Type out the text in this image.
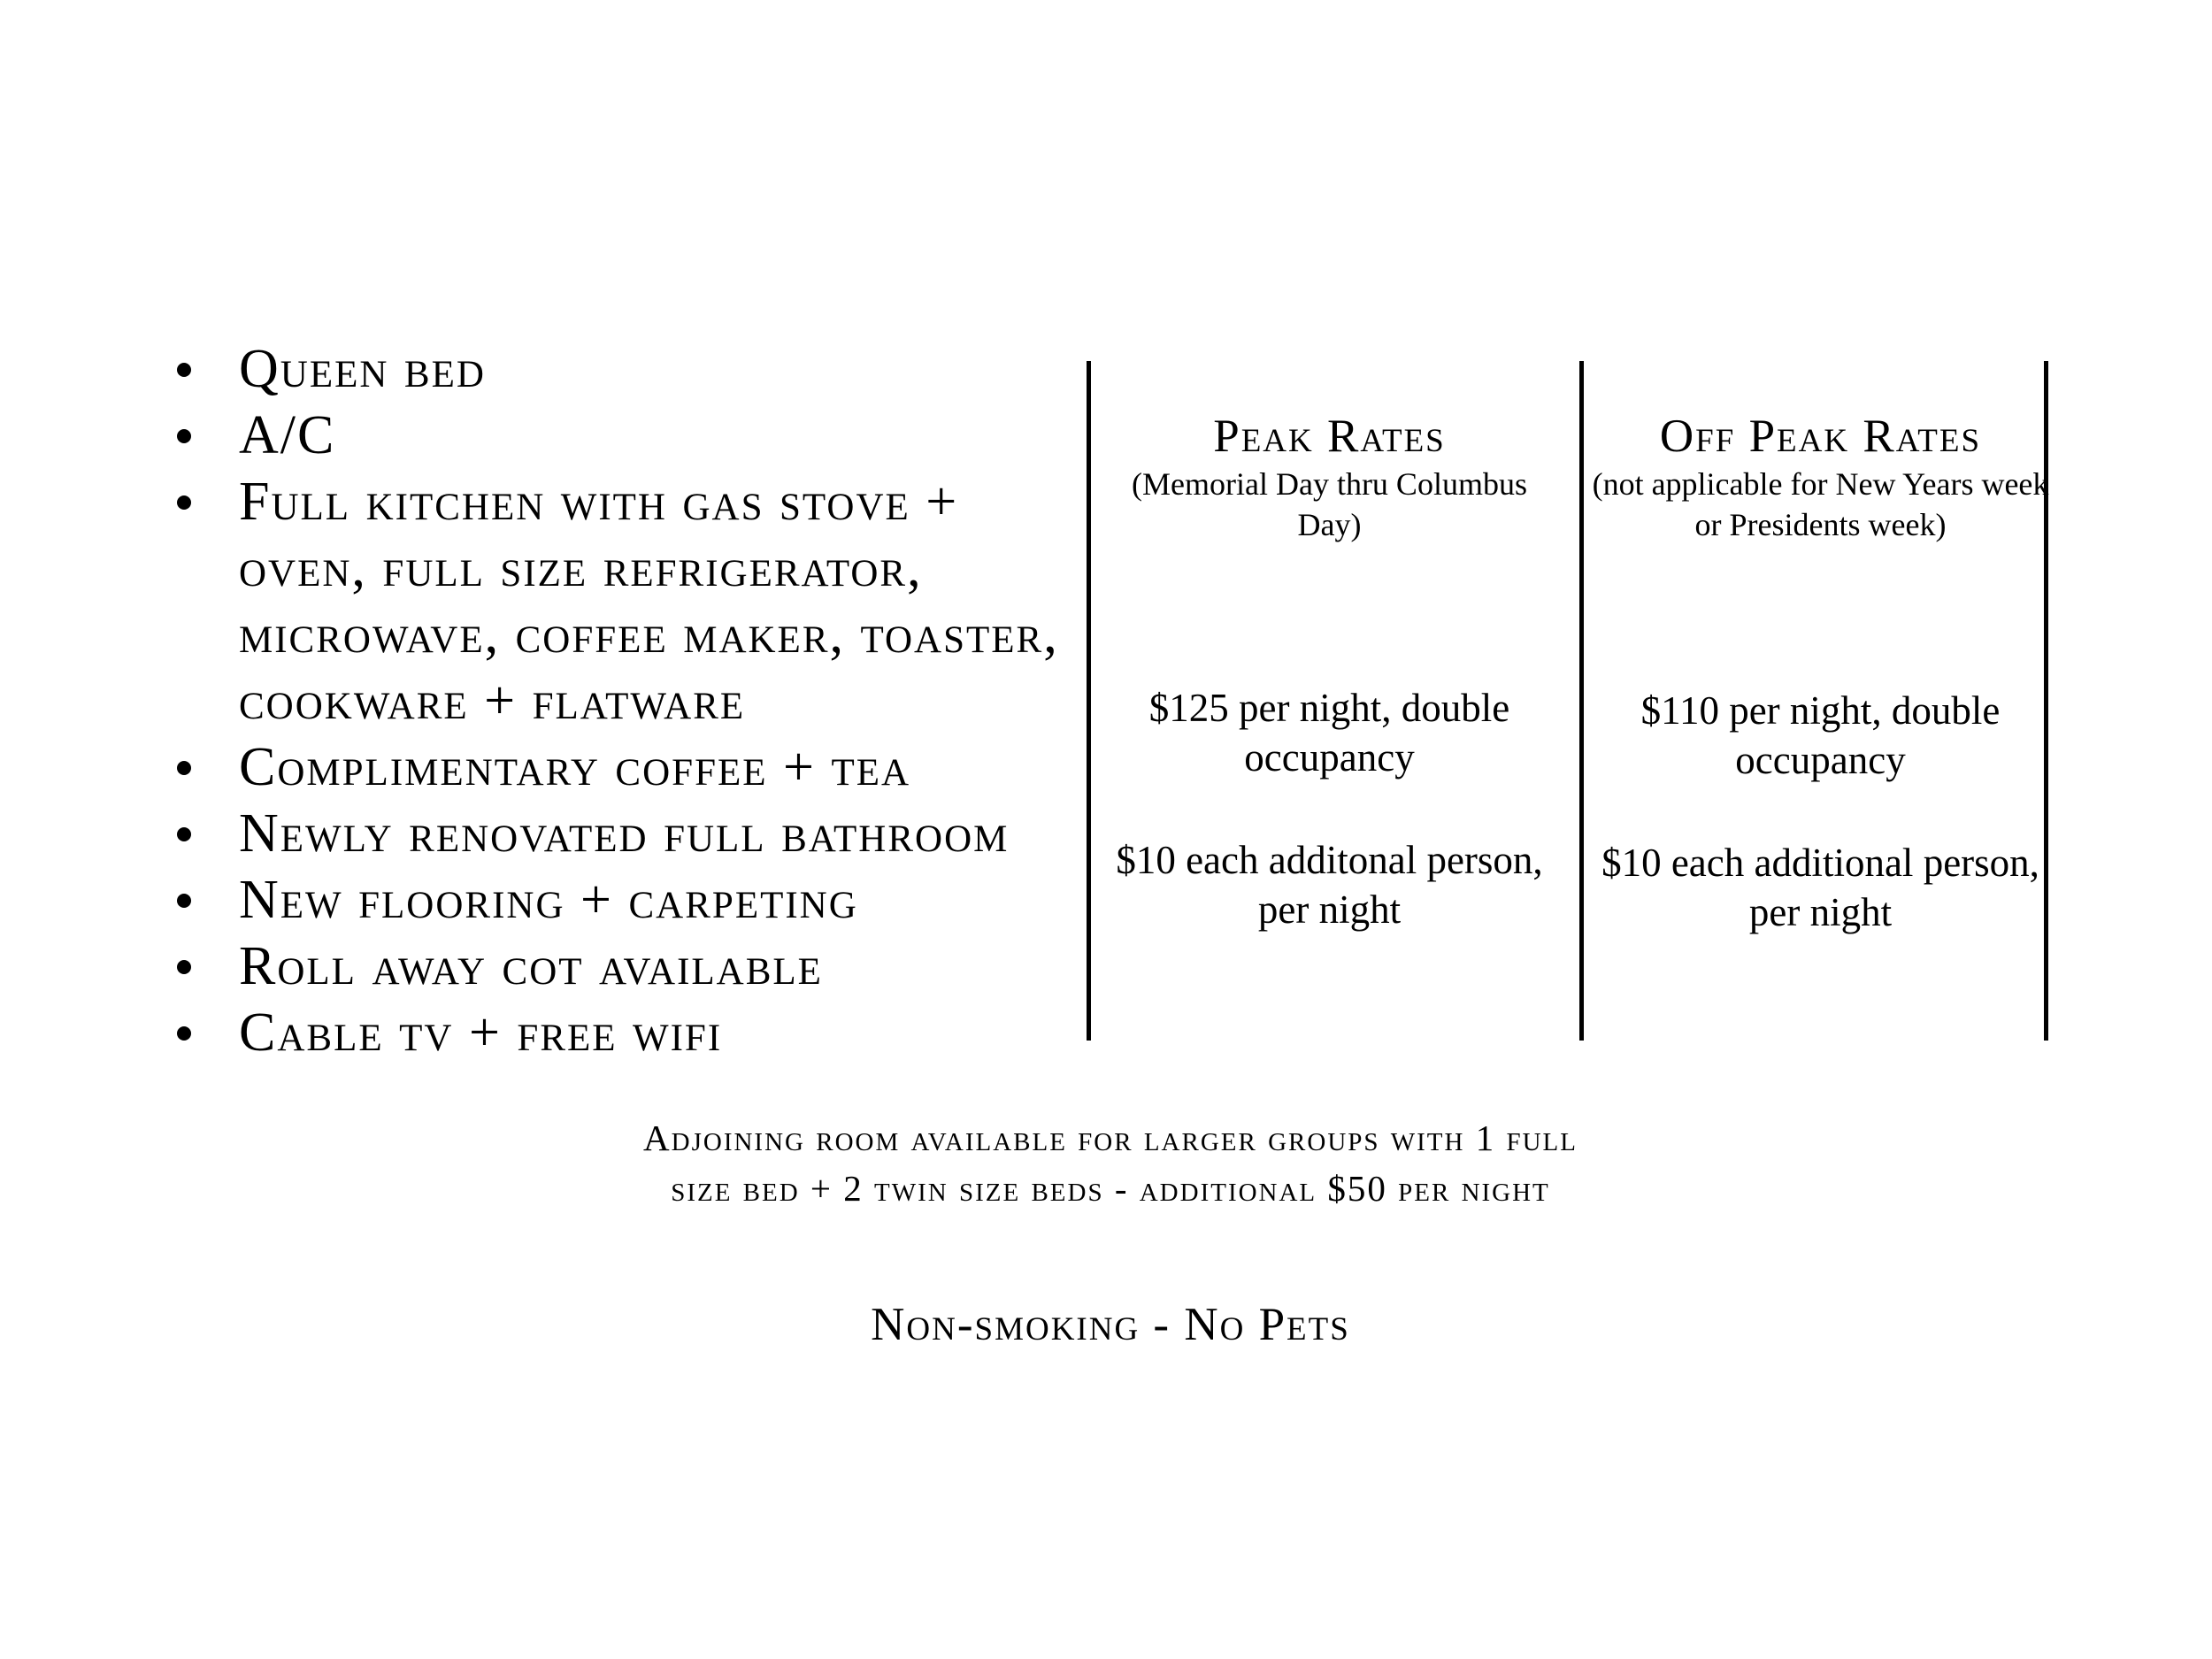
Queen bed
A/C
Full kitchen with gas stove + oven, full size refrigerator, microwave, coffee maker, toaster, cookware + flatware
Complimentary coffee + tea
Newly renovated full bathroom
New flooring + carpeting
Roll away cot available
Cable tv + free wifi
Peak Rates
(Memorial Day thru Columbus Day)
$125 per night, double occupancy
$10 each additonal person, per night
Off Peak Rates
(not applicable for New Years week or Presidents week)
$110 per night, double occupancy
$10 each additional person, per night
Adjoining room available for larger groups with 1 full size bed + 2 twin size beds - additional $50 per night
Non-smoking - No Pets
